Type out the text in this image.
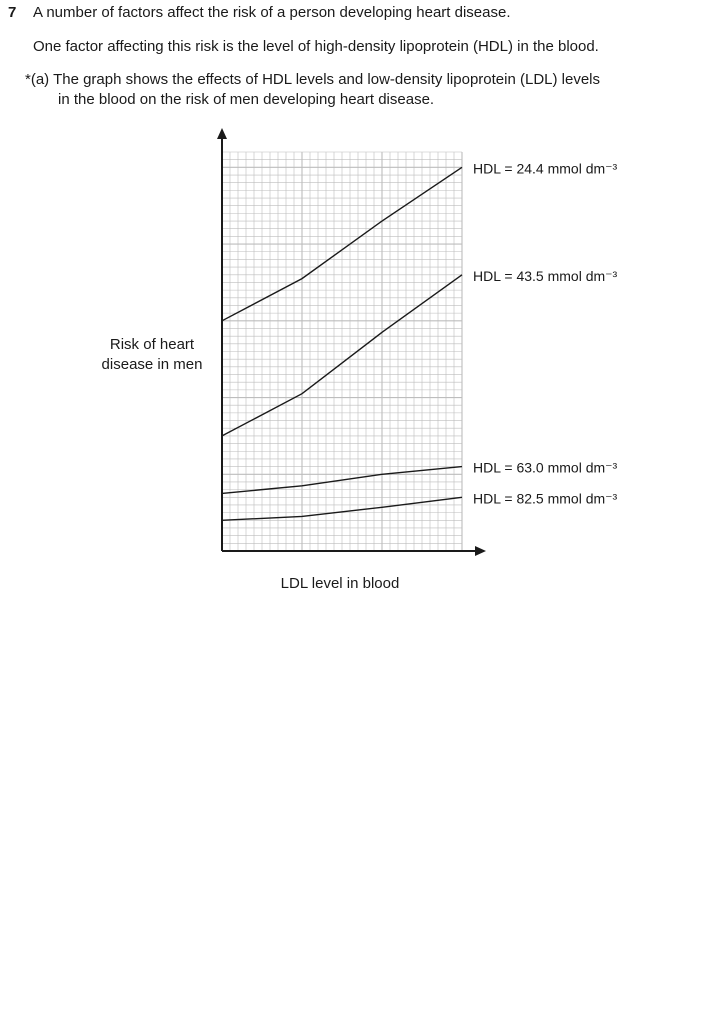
7 A number of factors affect the risk of a person developing heart disease.
One factor affecting this risk is the level of high-density lipoprotein (HDL) in the blood.
*(a) The graph shows the effects of HDL levels and low-density lipoprotein (LDL) levels
in the blood on the risk of men developing heart disease.
HDL = 24.4 mmol dm⁻³
HDL = 43.5 mmol dm⁻³
HDL = 63.0 mmol dm⁻³
HDL = 82.5 mmol dm⁻³
LDL level in blood
Risk of heart
disease in men
